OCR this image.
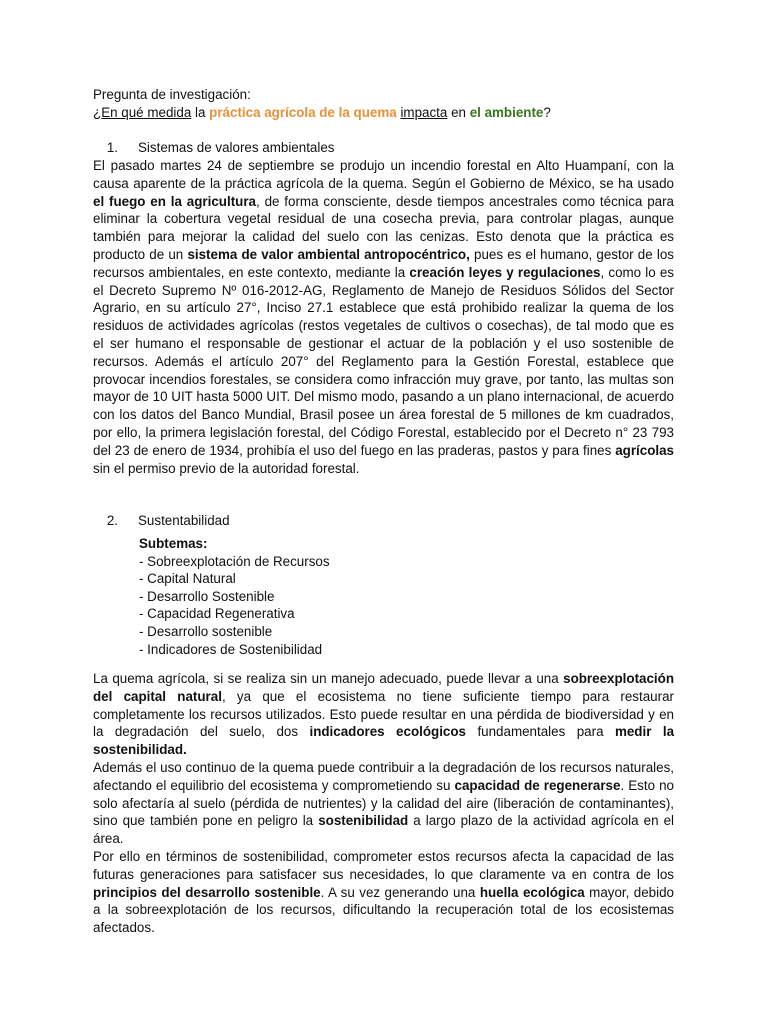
Pregunta de investigación:
¿En qué medida la práctica agrícola de la quema impacta en el ambiente?
1. Sistemas de valores ambientales
El pasado martes 24 de septiembre se produjo un incendio forestal en Alto Huampaní, con la causa aparente de la práctica agrícola de la quema. Según el Gobierno de México, se ha usado el fuego en la agricultura, de forma consciente, desde tiempos ancestrales como técnica para eliminar la cobertura vegetal residual de una cosecha previa, para controlar plagas, aunque también para mejorar la calidad del suelo con las cenizas. Esto denota que la práctica es producto de un sistema de valor ambiental antropocéntrico, pues es el humano, gestor de los recursos ambientales, en este contexto, mediante la creación leyes y regulaciones, como lo es el Decreto Supremo Nº 016-2012-AG, Reglamento de Manejo de Residuos Sólidos del Sector Agrario, en su artículo 27°, Inciso 27.1 establece que está prohibido realizar la quema de los residuos de actividades agrícolas (restos vegetales de cultivos o cosechas), de tal modo que es el ser humano el responsable de gestionar el actuar de la población y el uso sostenible de recursos. Además el artículo 207° del Reglamento para la Gestión Forestal, establece que provocar incendios forestales, se considera como infracción muy grave, por tanto, las multas son mayor de 10 UIT hasta 5000 UIT. Del mismo modo, pasando a un plano internacional, de acuerdo con los datos del Banco Mundial, Brasil posee un área forestal de 5 millones de km cuadrados, por ello, la primera legislación forestal, del Código Forestal, establecido por el Decreto n° 23 793 del 23 de enero de 1934, prohibía el uso del fuego en las praderas, pastos y para fines agrícolas sin el permiso previo de la autoridad forestal.
2. Sustentabilidad
Subtemas:
- Sobreexplotación de Recursos
- Capital Natural
- Desarrollo Sostenible
- Capacidad Regenerativa
- Desarrollo sostenible
- Indicadores de Sostenibilidad
La quema agrícola, si se realiza sin un manejo adecuado, puede llevar a una sobreexplotación del capital natural, ya que el ecosistema no tiene suficiente tiempo para restaurar completamente los recursos utilizados. Esto puede resultar en una pérdida de biodiversidad y en la degradación del suelo, dos indicadores ecológicos fundamentales para medir la sostenibilidad.
Además el uso continuo de la quema puede contribuir a la degradación de los recursos naturales, afectando el equilibrio del ecosistema y comprometiendo su capacidad de regenerarse. Esto no solo afectaría al suelo (pérdida de nutrientes) y la calidad del aire (liberación de contaminantes), sino que también pone en peligro la sostenibilidad a largo plazo de la actividad agrícola en el área.
Por ello en términos de sostenibilidad, comprometer estos recursos afecta la capacidad de las futuras generaciones para satisfacer sus necesidades, lo que claramente va en contra de los principios del desarrollo sostenible. A su vez generando una huella ecológica mayor, debido a la sobreexplotación de los recursos, dificultando la recuperación total de los ecosistemas afectados.
